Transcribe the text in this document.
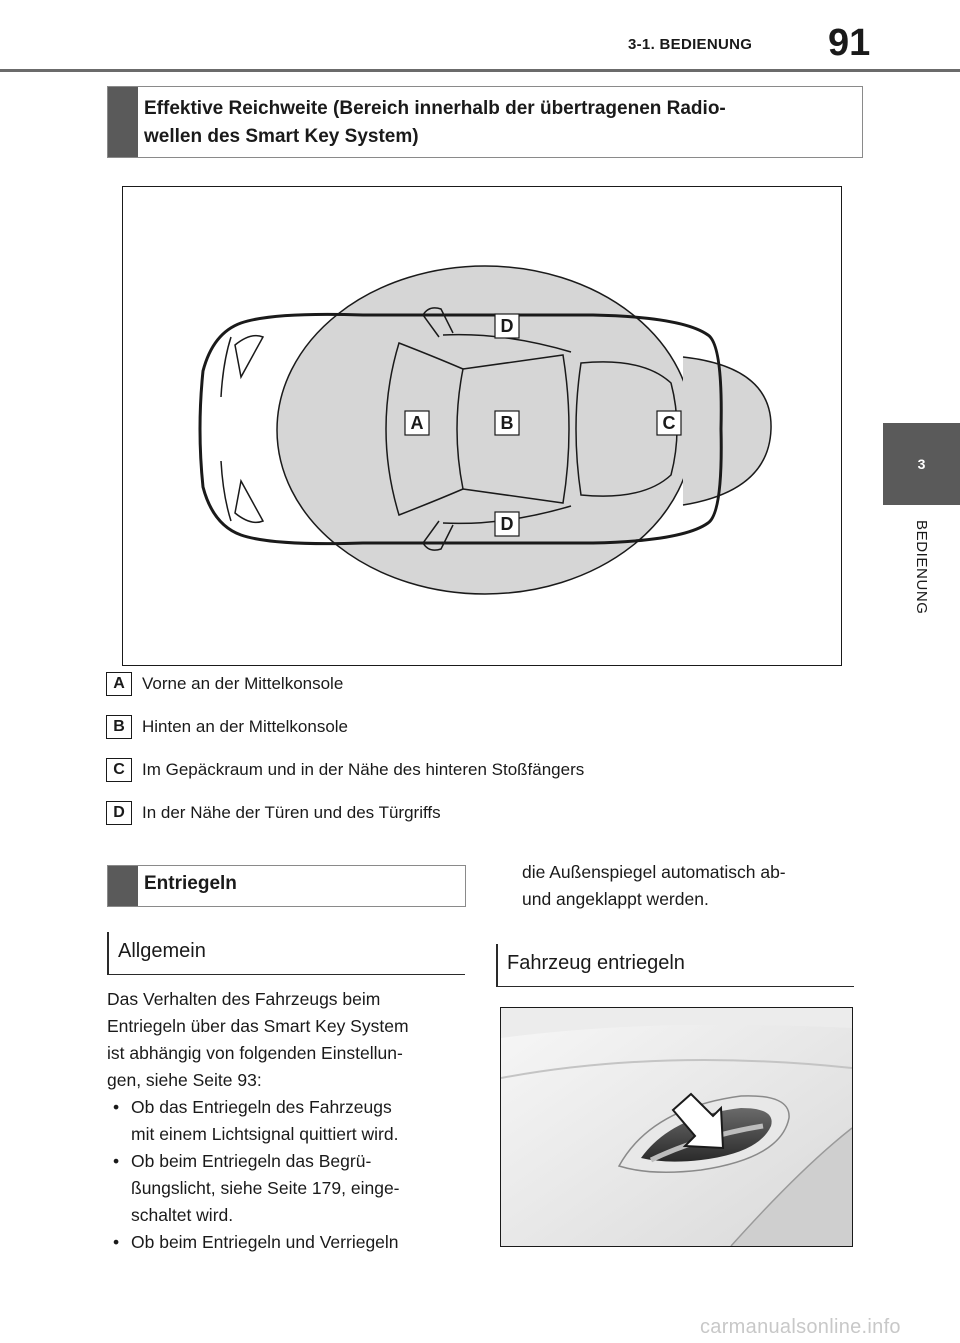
3-1. BEDIENUNG 91
3
BEDIENUNG
Effektive Reichweite (Bereich innerhalb der übertragenen Radio-
wellen des Smart Key System)
D
A	B	C
D
A	Vorne an der Mittelkonsole
B	Hinten an der Mittelkonsole
C	Im Gepäckraum und in der Nähe des hinteren Stoßfängers
D	In der Nähe der Türen und des Türgriffs
Entriegeln
Allgemein
Das Verhalten des Fahrzeugs beim
Entriegeln über das Smart Key System
ist abhängig von folgenden Einstellun-
gen, siehe Seite 93:
• Ob das Entriegeln des Fahrzeugs
mit einem Lichtsignal quittiert wird.
• Ob beim Entriegeln das Begrü-
ßungslicht, siehe Seite 179, einge-
schaltet wird.
• Ob beim Entriegeln und Verriegeln
die Außenspiegel automatisch ab-
und angeklappt werden.
Fahrzeug entriegeln
carmanualsonline.info
